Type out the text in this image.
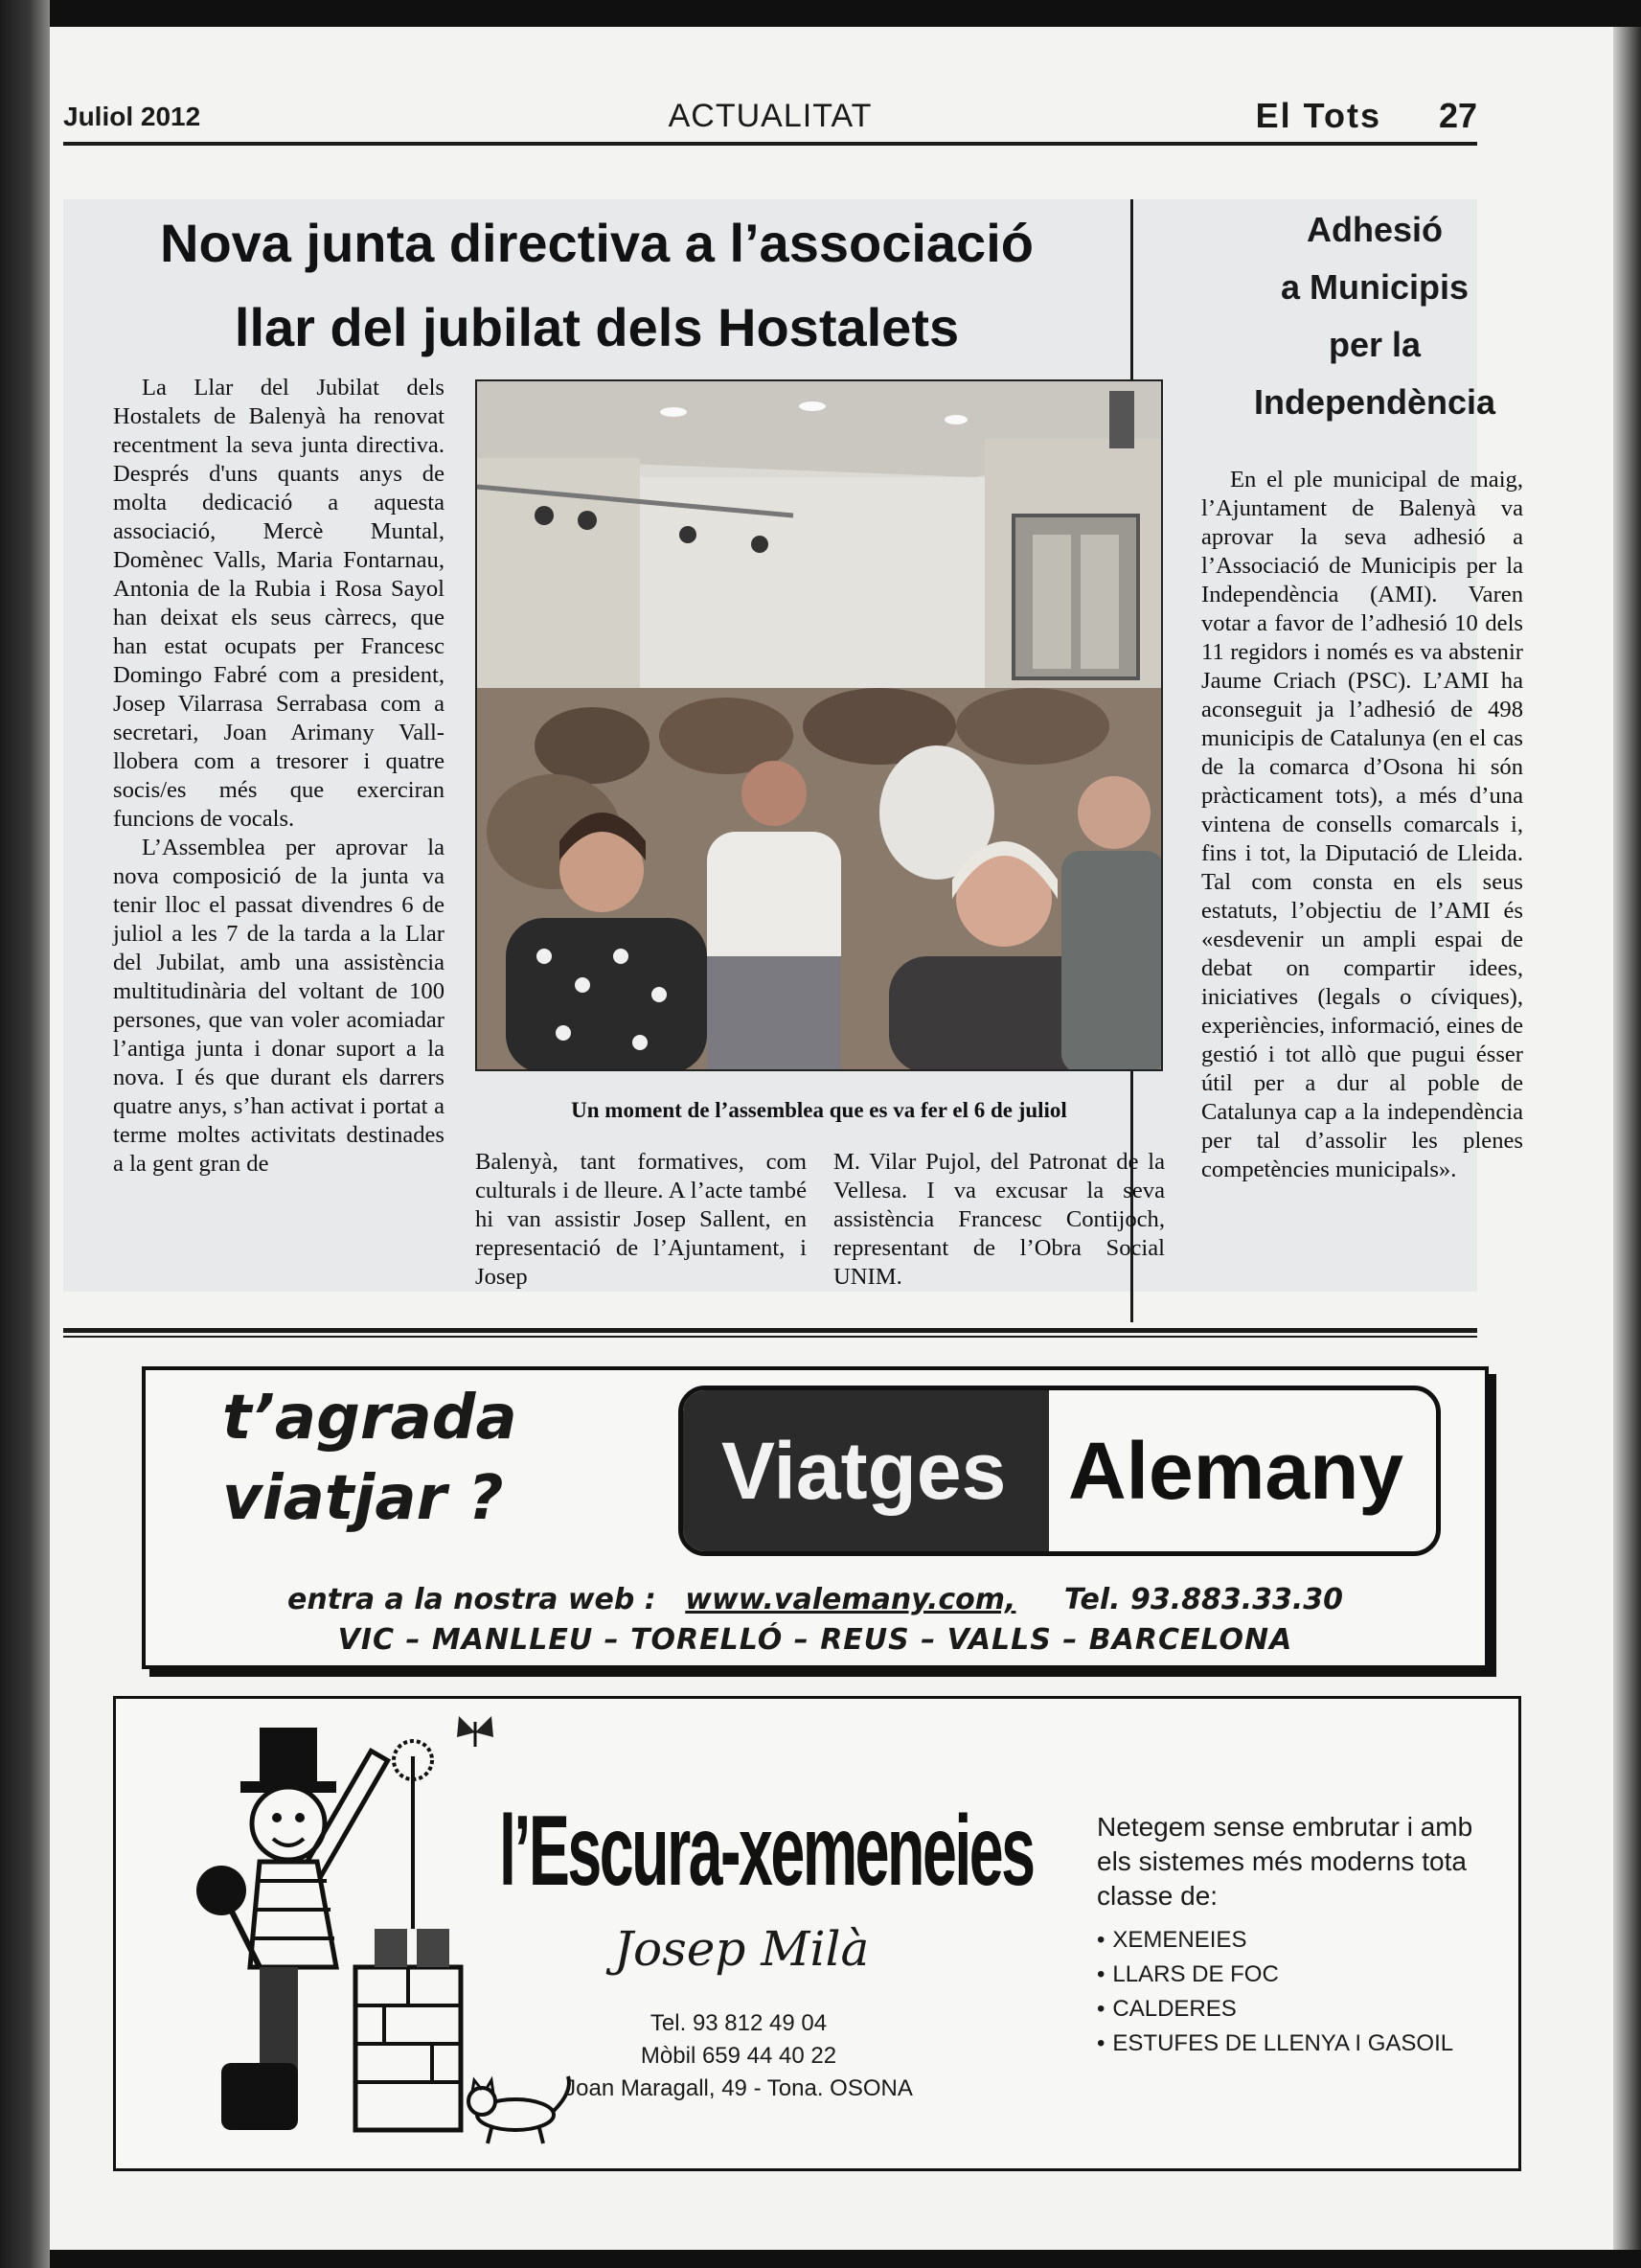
Juliol 2012	ACTUALITAT	El Tots 27
Nova junta directiva a l’associació
llar del jubilat dels Hostalets

La Llar del Jubilat dels Hostalets de Balenyà ha renovat recentment la seva junta directiva. Després d'uns quants anys de molta dedicació a aquesta associació, Mercè Muntal, Domènec Valls, Maria Fontarnau, Antonia de la Rubia i Rosa Sayol han deixat els seus càrrecs, que han estat ocupats per Francesc Domingo Fabré com a president, Josep Vilarrasa Serrabasa com a secretari, Joan Arimany Vall-llobera com a tresorer i quatre socis/es més que exerciran funcions de vocals.

L’Assemblea per aprovar la nova composició de la junta va tenir lloc el passat divendres 6 de juliol a les 7 de la tarda a la Llar del Jubilat, amb una assistència multitudinària del voltant de 100 persones, que van voler acomiadar l’antiga junta i donar suport a la nova. I és que durant els darrers quatre anys, s’han activat i portat a terme moltes activitats destinades a la gent gran de

Un moment de l’assemblea que es va fer el 6 de juliol
Balenyà, tant formatives, com culturals i de lleure. A l’acte també hi van assistir Josep Sallent, en representació de l’Ajuntament, i Josep
M. Vilar Pujol, del Patronat de la Vellesa. I va excusar la seva assistència Francesc Contijoch, representant de l’Obra Social UNIM.
Adhesió
a Municipis
per la
Independència

En el ple municipal de maig, l’Ajuntament de Balenyà va aprovar la seva adhesió a l’Associació de Municipis per la Independència (AMI). Varen votar a favor de l’adhesió 10 dels 11 regidors i només es va abstenir Jaume Criach (PSC). L’AMI ha aconseguit ja l’adhesió de 498 municipis de Catalunya (en el cas de la comarca d’Osona hi són pràcticament tots), a més d’una vintena de consells comarcals i, fins i tot, la Diputació de Lleida. Tal com consta en els seus estatuts, l’objectiu de l’AMI és «esdevenir un ampli espai de debat on compartir idees, iniciatives (legals o cíviques), experiències, informació, eines de gestió i tot allò que pugui ésser útil per a dur al poble de Catalunya cap a la independència per tal d’assolir les plenes competències municipals».

t’agrada
viatjar ?	Viatges Alemany
entra a la nostra web : www.valemany.com, Tel. 93.883.33.30
VIC – MANLLEU – TORELLÓ – REUS – VALLS – BARCELONA
l’Escura-xemeneies
Josep Milà
Tel. 93 812 49 04
Mòbil 659 44 40 22
Joan Maragall, 49 - Tona. OSONA
Netegem sense embrutar i amb els sistemes més moderns tota classe de:
• XEMENEIES
• LLARS DE FOC
• CALDERES
• ESTUFES DE LLENYA I GASOIL
